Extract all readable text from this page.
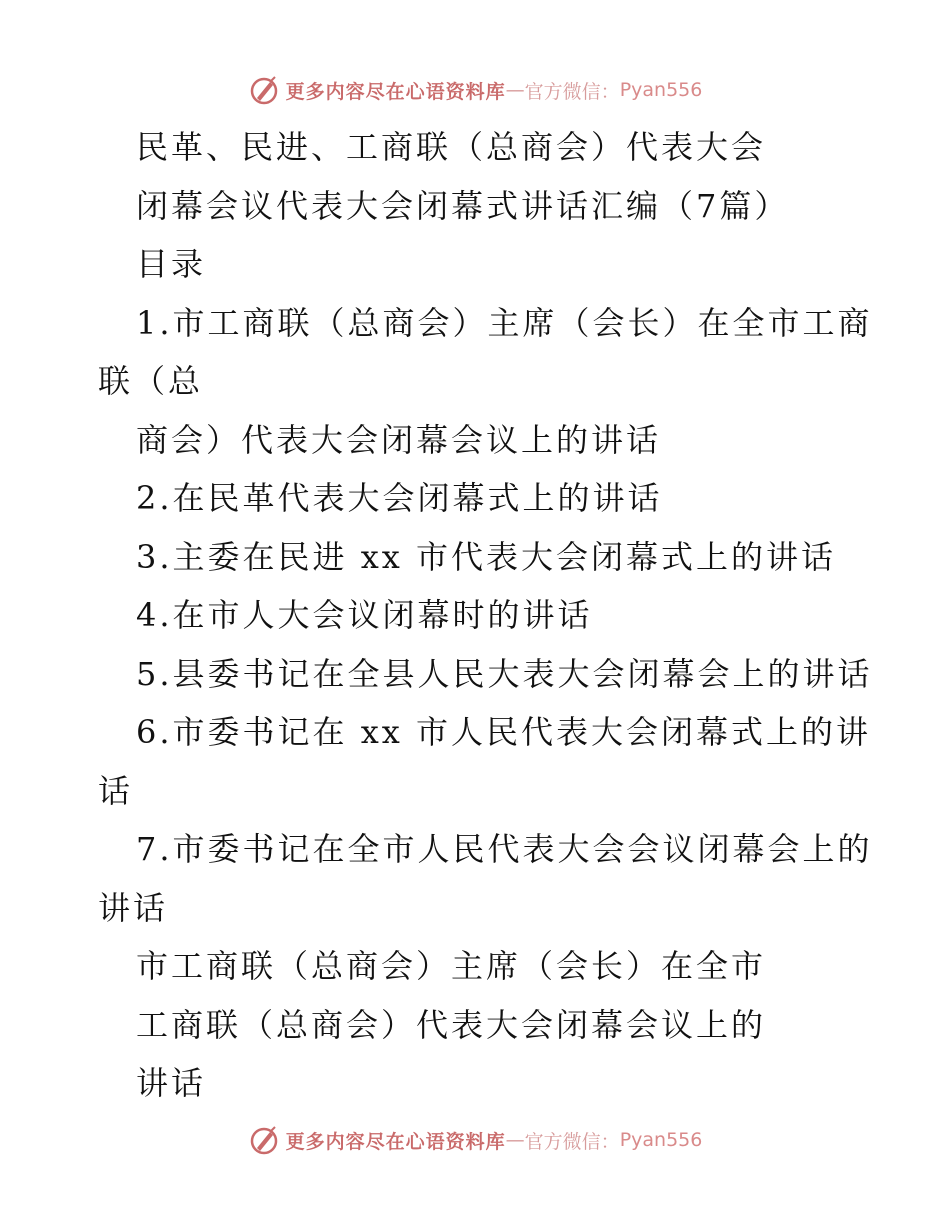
更多内容尽在心语资料库 — 官方微信： Pyan556
民革、民进、工商联（总商会）代表大会
闭幕会议代表大会闭幕式讲话汇编（7篇）
目录
1.市工商联（总商会）主席（会长）在全市工商
联（总
商会）代表大会闭幕会议上的讲话
2.在民革代表大会闭幕式上的讲话
3.主委在民进 xx 市代表大会闭幕式上的讲话
4.在市人大会议闭幕时的讲话
5.县委书记在全县人民大表大会闭幕会上的讲话
6.市委书记在 xx 市人民代表大会闭幕式上的讲
话
7.市委书记在全市人民代表大会会议闭幕会上的
讲话
市工商联（总商会）主席（会长）在全市
工商联（总商会）代表大会闭幕会议上的
讲话
更多内容尽在心语资料库 — 官方微信： Pyan556
